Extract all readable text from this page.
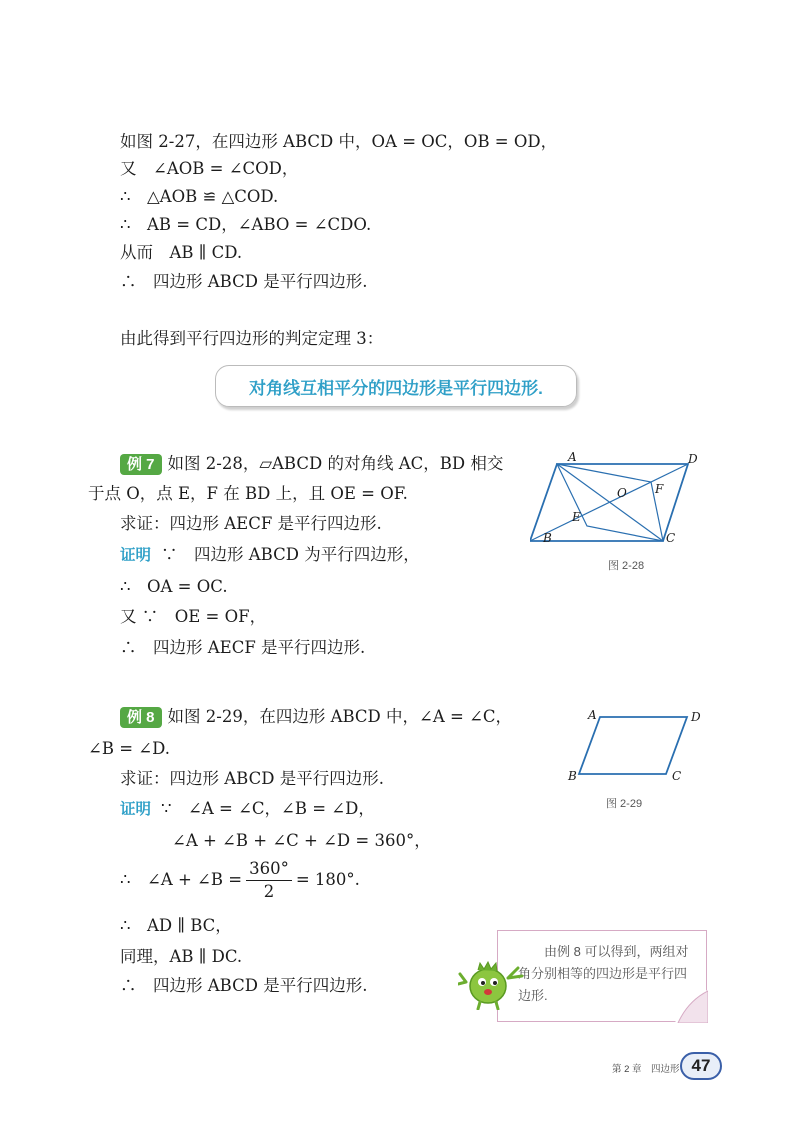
如图 2-27，在四边形 ABCD 中，OA = OC，OB = OD，
又　∠AOB = ∠COD，
∴　△AOB ≌ △COD.
∴　AB = CD，∠ABO = ∠CDO.
从而　AB ∥ CD.
∴　四边形 ABCD 是平行四边形.
由此得到平行四边形的判定定理 3：
对角线互相平分的四边形是平行四边形.
例 7 如图 2-28，▱ABCD 的对角线 AC，BD 相交
于点 O，点 E，F 在 BD 上，且 OE = OF.
求证：四边形 AECF 是平行四边形.
证明 ∵　四边形 ABCD 为平行四边形，
∴　OA = OC.
又 ∵　OE = OF，
∴　四边形 AECF 是平行四边形.
A	D
B	C
O
E
F
图 2-28
例 8 如图 2-29，在四边形 ABCD 中，∠A = ∠C，
∠B = ∠D.
求证：四边形 ABCD 是平行四边形.
证明 ∵　∠A = ∠C，∠B = ∠D，
∠A + ∠B + ∠C + ∠D = 360°，
∴　∠A + ∠B = $\frac{360^\circ}{2} = 180^\circ$.
∴　AD ∥ BC，
同理，AB ∥ DC.
∴　四边形 ABCD 是平行四边形.
A	D
B	C
图 2-29
由例 8 可以得到，两组对角分别相等的四边形是平行四边形.
第 2 章　四边形 47
